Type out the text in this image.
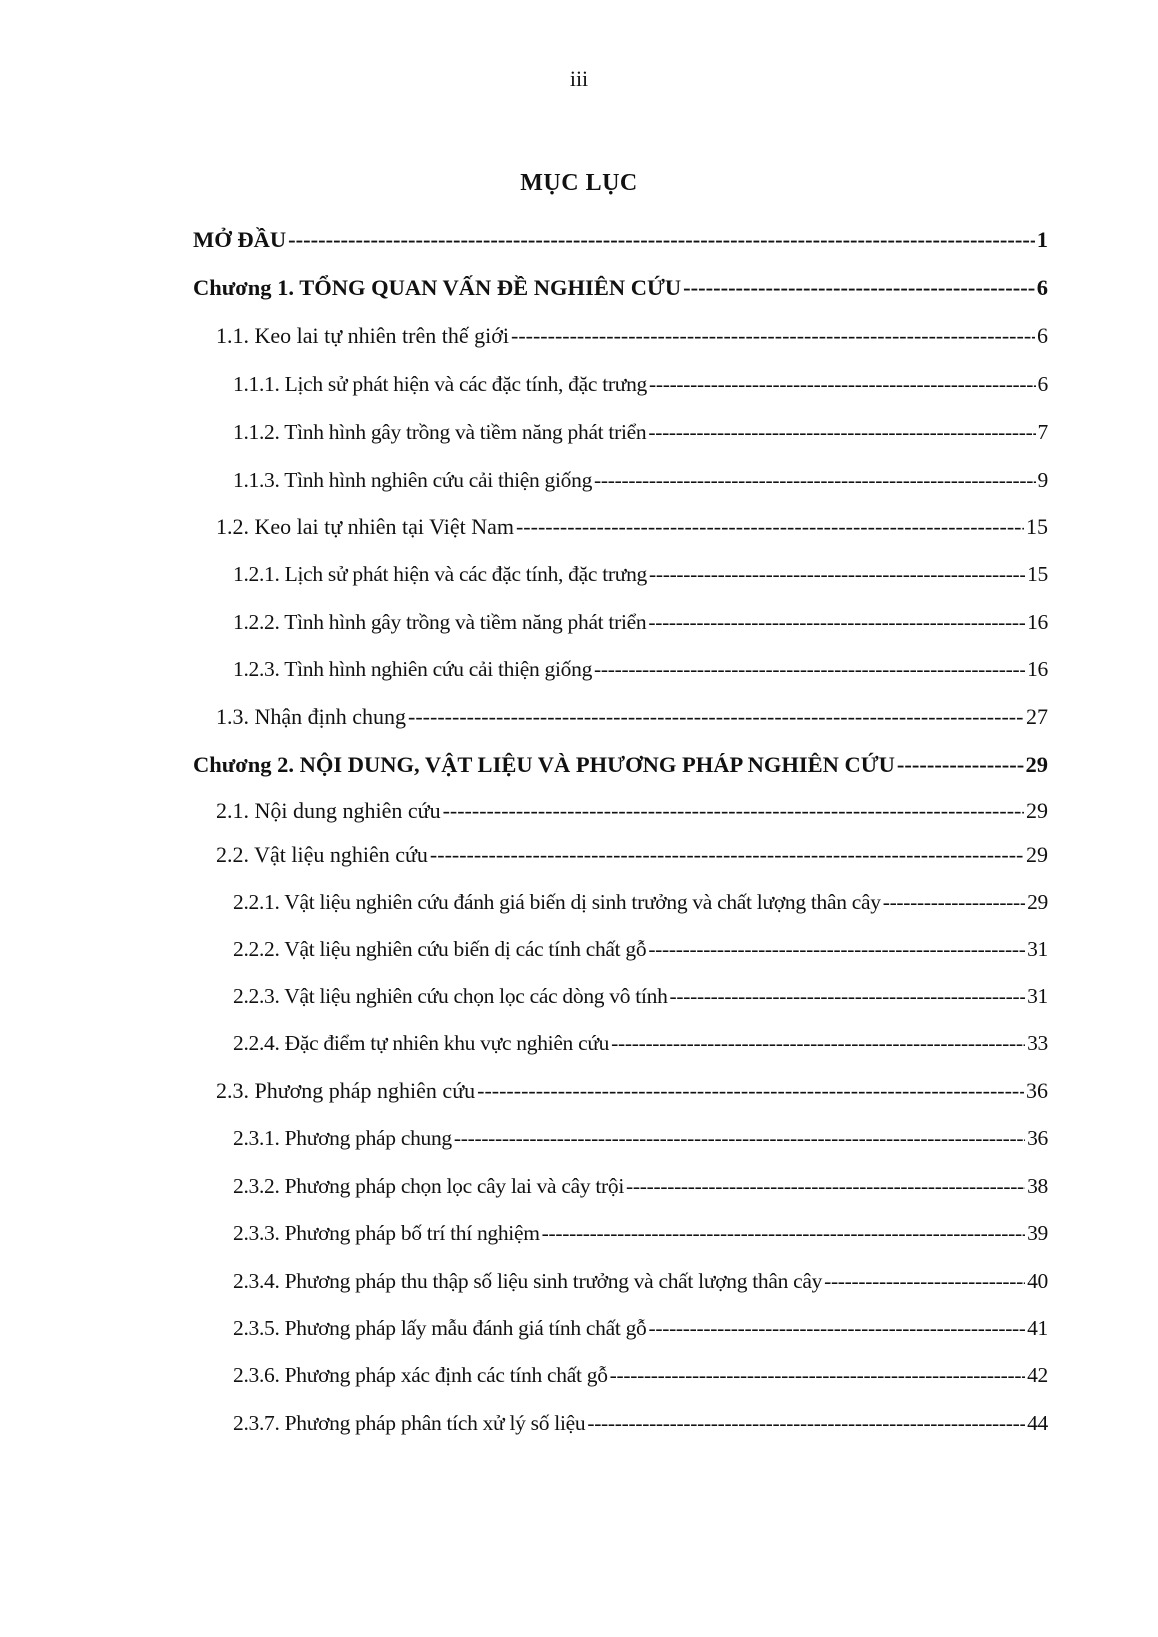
iii
MỤC LỤC
MỞ ĐẦU -----	1
Chương 1. TỔNG QUAN VẤN ĐỀ NGHIÊN CỨU -----	6
1.1. Keo lai tự nhiên trên thế giới -----	6
1.1.1. Lịch sử phát hiện và các đặc tính, đặc trưng -----	6
1.1.2. Tình hình gây trồng và tiềm năng phát triển -----	7
1.1.3. Tình hình nghiên cứu cải thiện giống -----	9
1.2. Keo lai tự nhiên tại Việt Nam -----	15
1.2.1. Lịch sử phát hiện và các đặc tính, đặc trưng -----	15
1.2.2. Tình hình gây trồng và tiềm năng phát triển -----	16
1.2.3. Tình hình nghiên cứu cải thiện giống -----	16
1.3. Nhận định chung -----	27
Chương 2. NỘI DUNG, VẬT LIỆU VÀ PHƯƠNG PHÁP NGHIÊN CỨU -----	29
2.1. Nội dung nghiên cứu -----	29
2.2. Vật liệu nghiên cứu -----	29
2.2.1. Vật liệu nghiên cứu đánh giá biến dị sinh trưởng và chất lượng thân cây -----	29
2.2.2. Vật liệu nghiên cứu biến dị các tính chất gỗ -----	31
2.2.3. Vật liệu nghiên cứu chọn lọc các dòng vô tính -----	31
2.2.4. Đặc điểm tự nhiên khu vực nghiên cứu -----	33
2.3. Phương pháp nghiên cứu -----	36
2.3.1. Phương pháp chung -----	36
2.3.2. Phương pháp chọn lọc cây lai và cây trội -----	38
2.3.3. Phương pháp bố trí thí nghiệm -----	39
2.3.4. Phương pháp thu thập số liệu sinh trưởng và chất lượng thân cây -----	40
2.3.5. Phương pháp lấy mẫu đánh giá tính chất gỗ -----	41
2.3.6. Phương pháp xác định các tính chất gỗ -----	42
2.3.7. Phương pháp phân tích xử lý số liệu -----	44
